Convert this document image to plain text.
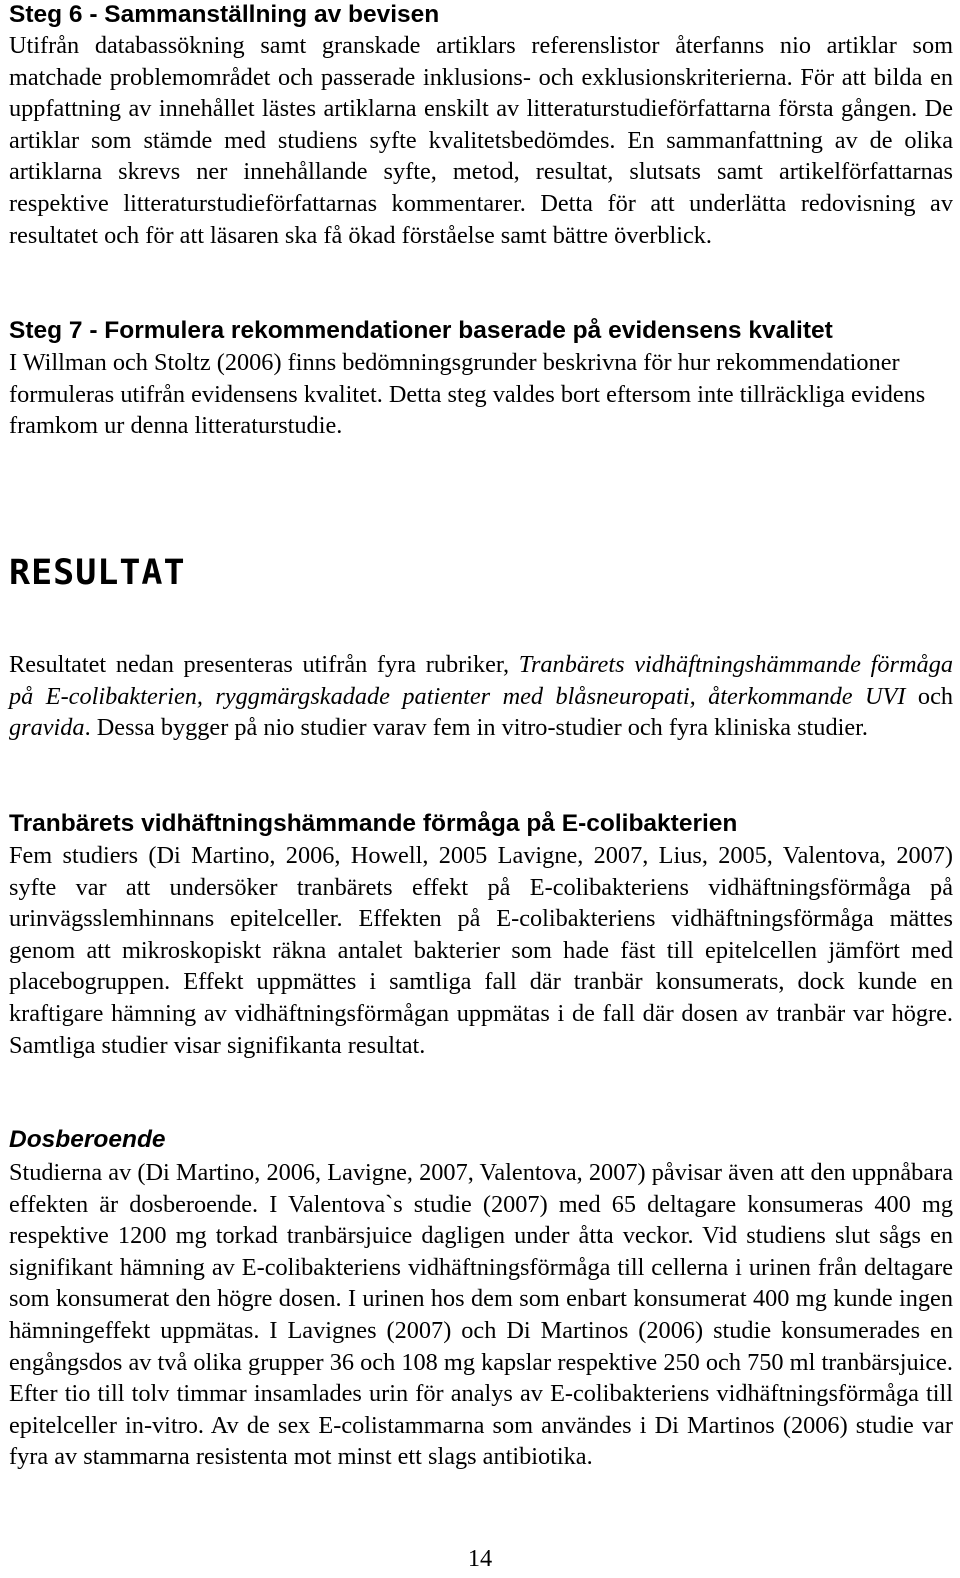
Steg 6 - Sammanställning av bevisen

Utifrån databassökning samt granskade artiklars referenslistor återfanns nio artiklar som matchade problemområdet och passerade inklusions- och exklusionskriterierna. För att bilda en uppfattning av innehållet lästes artiklarna enskilt av litteraturstudieförfattarna första gången. De artiklar som stämde med studiens syfte kvalitetsbedömdes. En sammanfattning av de olika artiklarna skrevs ner innehållande syfte, metod, resultat, slutsats samt artikelförfattarnas respektive litteraturstudieförfattarnas kommentarer. Detta för att underlätta redovisning av resultatet och för att läsaren ska få ökad förståelse samt bättre överblick.

Steg 7 - Formulera rekommendationer baserade på evidensens kvalitet

I Willman och Stoltz (2006) finns bedömningsgrunder beskrivna för hur rekommendationer formuleras utifrån evidensens kvalitet. Detta steg valdes bort eftersom inte tillräckliga evidens framkom ur denna litteraturstudie.

RESULTAT

Resultatet nedan presenteras utifrån fyra rubriker, Tranbärets vidhäftningshämmande förmåga på E-colibakterien, ryggmärgskadade patienter med blåsneuropati, återkommande UVI och gravida. Dessa bygger på nio studier varav fem in vitro-studier och fyra kliniska studier.

Tranbärets vidhäftningshämmande förmåga på E-colibakterien

Fem studiers (Di Martino, 2006, Howell, 2005 Lavigne, 2007, Lius, 2005, Valentova, 2007) syfte var att undersöker tranbärets effekt på E-colibakteriens vidhäftningsförmåga på urinvägsslemhinnans epitelceller. Effekten på E-colibakteriens vidhäftningsförmåga mättes genom att mikroskopiskt räkna antalet bakterier som hade fäst till epitelcellen jämfört med placebogruppen. Effekt uppmättes i samtliga fall där tranbär konsumerats, dock kunde en kraftigare hämning av vidhäftningsförmågan uppmätas i de fall där dosen av tranbär var högre. Samtliga studier visar signifikanta resultat.

Dosberoende

Studierna av (Di Martino, 2006, Lavigne, 2007, Valentova, 2007) påvisar även att den uppnåbara effekten är dosberoende. I Valentova`s studie (2007) med 65 deltagare konsumeras 400 mg respektive 1200 mg torkad tranbärsjuice dagligen under åtta veckor. Vid studiens slut sågs en signifikant hämning av E-colibakteriens vidhäftningsförmåga till cellerna i urinen från deltagare som konsumerat den högre dosen. I urinen hos dem som enbart konsumerat 400 mg kunde ingen hämningeffekt uppmätas. I Lavignes (2007) och Di Martinos (2006) studie konsumerades en engångsdos av två olika grupper 36 och 108 mg kapslar respektive 250 och 750 ml tranbärsjuice. Efter tio till tolv timmar insamlades urin för analys av E-colibakteriens vidhäftningsförmåga till epitelceller in-vitro. Av de sex E-colistammarna som användes i Di Martinos (2006) studie var fyra av stammarna resistenta mot minst ett slags antibiotika.

14
